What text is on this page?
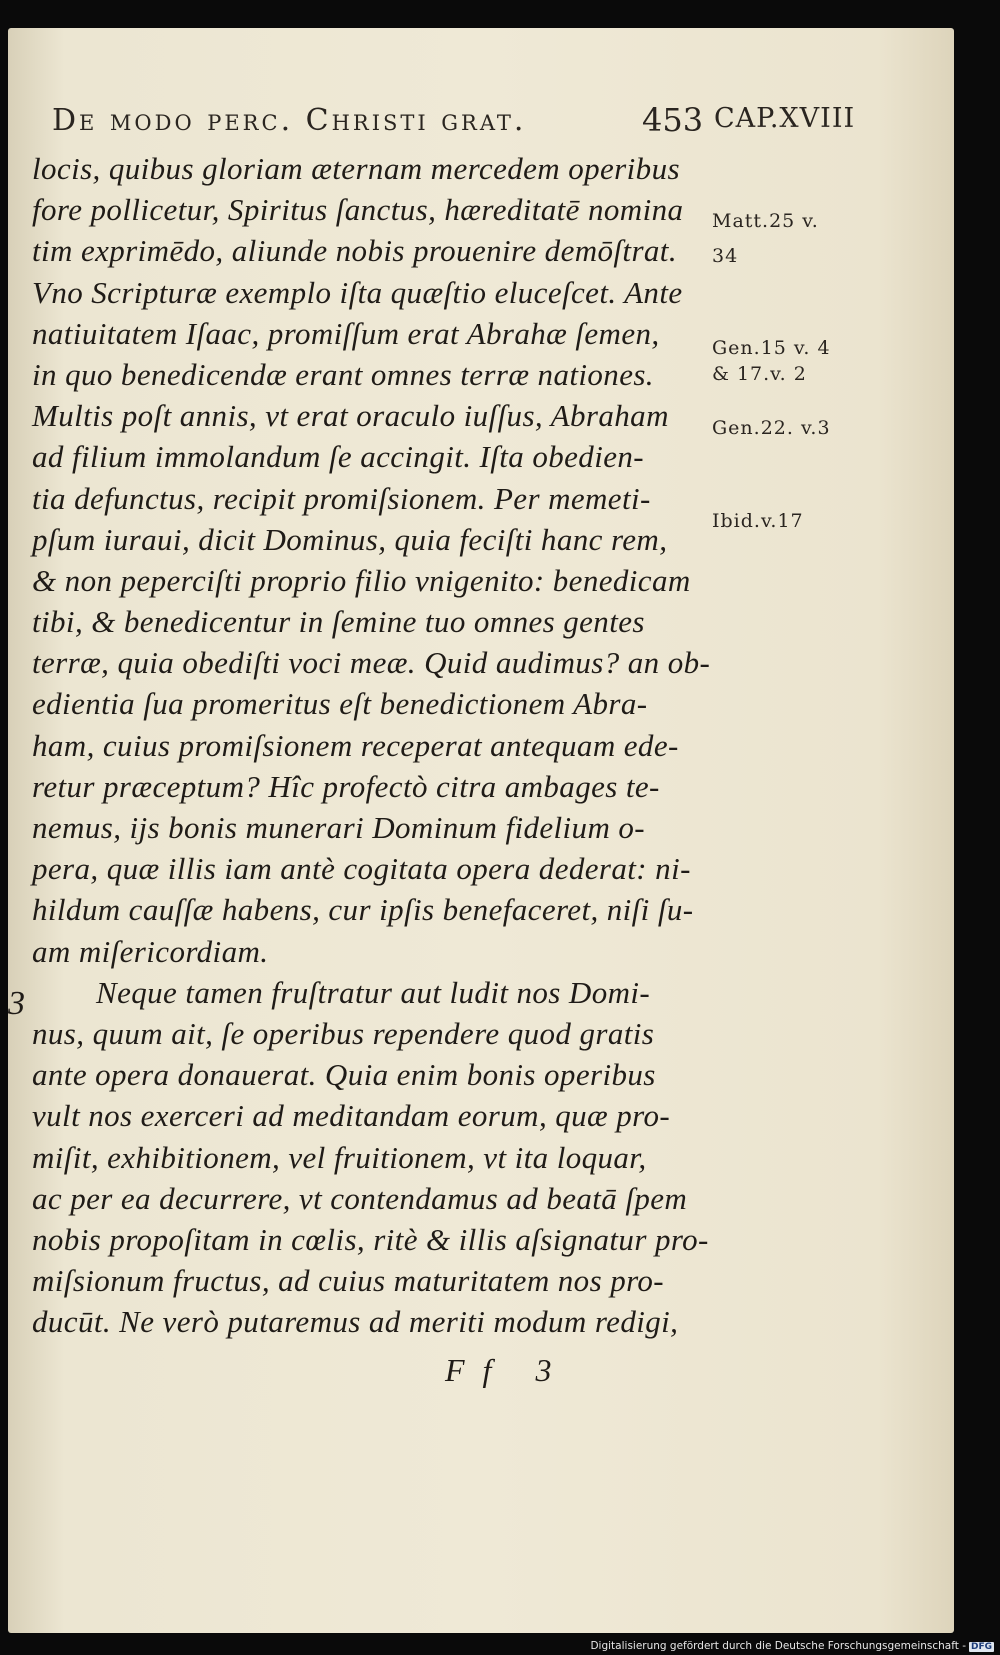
De modo perc. Christi grat.	453 CAP.XVIII
locis, quibus gloriam æternam mercedem operibus
fore pollicetur, Spiritus ſanctus, hæreditatē nomina
tim exprimēdo, aliunde nobis prouenire demōſtrat.
Vno Scripturæ exemplo iſta quæſtio eluceſcet. Ante
natiuitatem Iſaac, promiſſum erat Abrahæ ſemen,
in quo benedicendæ erant omnes terræ nationes.
Multis poſt annis, vt erat oraculo iuſſus, Abraham
ad filium immolandum ſe accingit. Iſta obedien-
tia defunctus, recipit promiſsionem. Per memeti-
pſum iuraui, dicit Dominus, quia feciſti hanc rem,
& non peperciſti proprio filio vnigenito: benedicam
tibi, & benedicentur in ſemine tuo omnes gentes
terræ, quia obediſti voci meæ. Quid audimus? an ob-
edientia ſua promeritus eſt benedictionem Abra-
ham, cuius promiſsionem receperat antequam ede-
retur præceptum? Hîc profectò citra ambages te-
nemus, ijs bonis munerari Dominum fidelium o-
pera, quæ illis iam antè cogitata opera dederat: ni-
hildum cauſſæ habens, cur ipſis benefaceret, niſi ſu-
am miſericordiam.
Neque tamen fruſtratur aut ludit nos Domi-
nus, quum ait, ſe operibus rependere quod gratis
ante opera donauerat. Quia enim bonis operibus
vult nos exerceri ad meditandam eorum, quæ pro-
miſit, exhibitionem, vel fruitionem, vt ita loquar,
ac per ea decurrere, vt contendamus ad beatā ſpem
nobis propoſitam in cœlis, ritè & illis aſsignatur pro-
miſsionum fructus, ad cuius maturitatem nos pro-
ducūt. Ne verò putaremus ad meriti modum redigi,
3
Matt.25 v.
34
Gen.15 v. 4
& 17.v. 2
Gen.22. v.3
Ibid.v.17
Ff 3
Digitalisierung gefördert durch die Deutsche Forschungsgemeinschaft - DFG
